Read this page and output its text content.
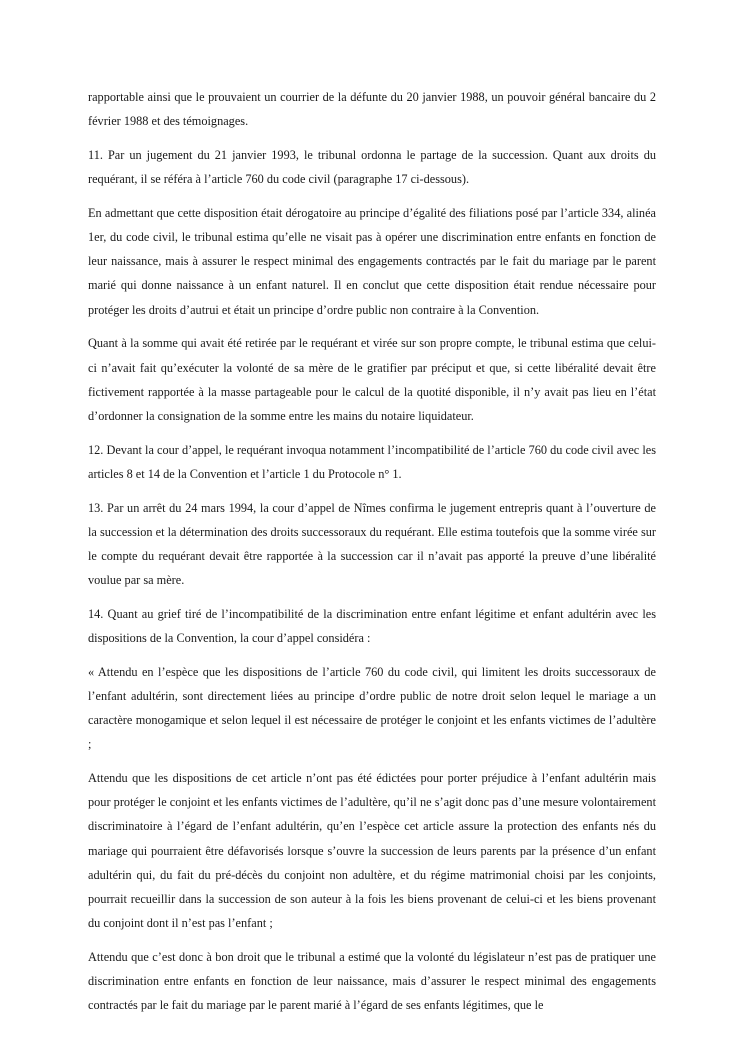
rapportable ainsi que le prouvaient un courrier de la défunte du 20 janvier 1988, un pouvoir général bancaire du 2 février 1988 et des témoignages.

11. Par un jugement du 21 janvier 1993, le tribunal ordonna le partage de la succession. Quant aux droits du requérant, il se référa à l’article 760 du code civil (paragraphe 17 ci-dessous).

En admettant que cette disposition était dérogatoire au principe d’égalité des filiations posé par l’article 334, alinéa 1er, du code civil, le tribunal estima qu’elle ne visait pas à opérer une discrimination entre enfants en fonction de leur naissance, mais à assurer le respect minimal des engagements contractés par le fait du mariage par le parent marié qui donne naissance à un enfant naturel. Il en conclut que cette disposition était rendue nécessaire pour protéger les droits d’autrui et était un principe d’ordre public non contraire à la Convention.

Quant à la somme qui avait été retirée par le requérant et virée sur son propre compte, le tribunal estima que celui-ci n’avait fait qu’exécuter la volonté de sa mère de le gratifier par préciput et que, si cette libéralité devait être fictivement rapportée à la masse partageable pour le calcul de la quotité disponible, il n’y avait pas lieu en l’état d’ordonner la consignation de la somme entre les mains du notaire liquidateur.

12. Devant la cour d’appel, le requérant invoqua notamment l’incompatibilité de l’article 760 du code civil avec les articles 8 et 14 de la Convention et l’article 1 du Protocole n° 1.

13. Par un arrêt du 24 mars 1994, la cour d’appel de Nîmes confirma le jugement entrepris quant à l’ouverture de la succession et la détermination des droits successoraux du requérant. Elle estima toutefois que la somme virée sur le compte du requérant devait être rapportée à la succession car il n’avait pas apporté la preuve d’une libéralité voulue par sa mère.

14. Quant au grief tiré de l’incompatibilité de la discrimination entre enfant légitime et enfant adultérin avec les dispositions de la Convention, la cour d’appel considéra :

« Attendu en l’espèce que les dispositions de l’article 760 du code civil, qui limitent les droits successoraux de l’enfant adultérin, sont directement liées au principe d’ordre public de notre droit selon lequel le mariage a un caractère monogamique et selon lequel il est nécessaire de protéger le conjoint et les enfants victimes de l’adultère ;

Attendu que les dispositions de cet article n’ont pas été édictées pour porter préjudice à l’enfant adultérin mais pour protéger le conjoint et les enfants victimes de l’adultère, qu’il ne s’agit donc pas d’une mesure volontairement discriminatoire à l’égard de l’enfant adultérin, qu’en l’espèce cet article assure la protection des enfants nés du mariage qui pourraient être défavorisés lorsque s’ouvre la succession de leurs parents par la présence d’un enfant adultérin qui, du fait du pré-décès du conjoint non adultère, et du régime matrimonial choisi par les conjoints, pourrait recueillir dans la succession de son auteur à la fois les biens provenant de celui-ci et les biens provenant du conjoint dont il n’est pas l’enfant ;

Attendu que c’est donc à bon droit que le tribunal a estimé que la volonté du législateur n’est pas de pratiquer une discrimination entre enfants en fonction de leur naissance, mais d’assurer le respect minimal des engagements contractés par le fait du mariage par le parent marié à l’égard de ses enfants légitimes, que le
